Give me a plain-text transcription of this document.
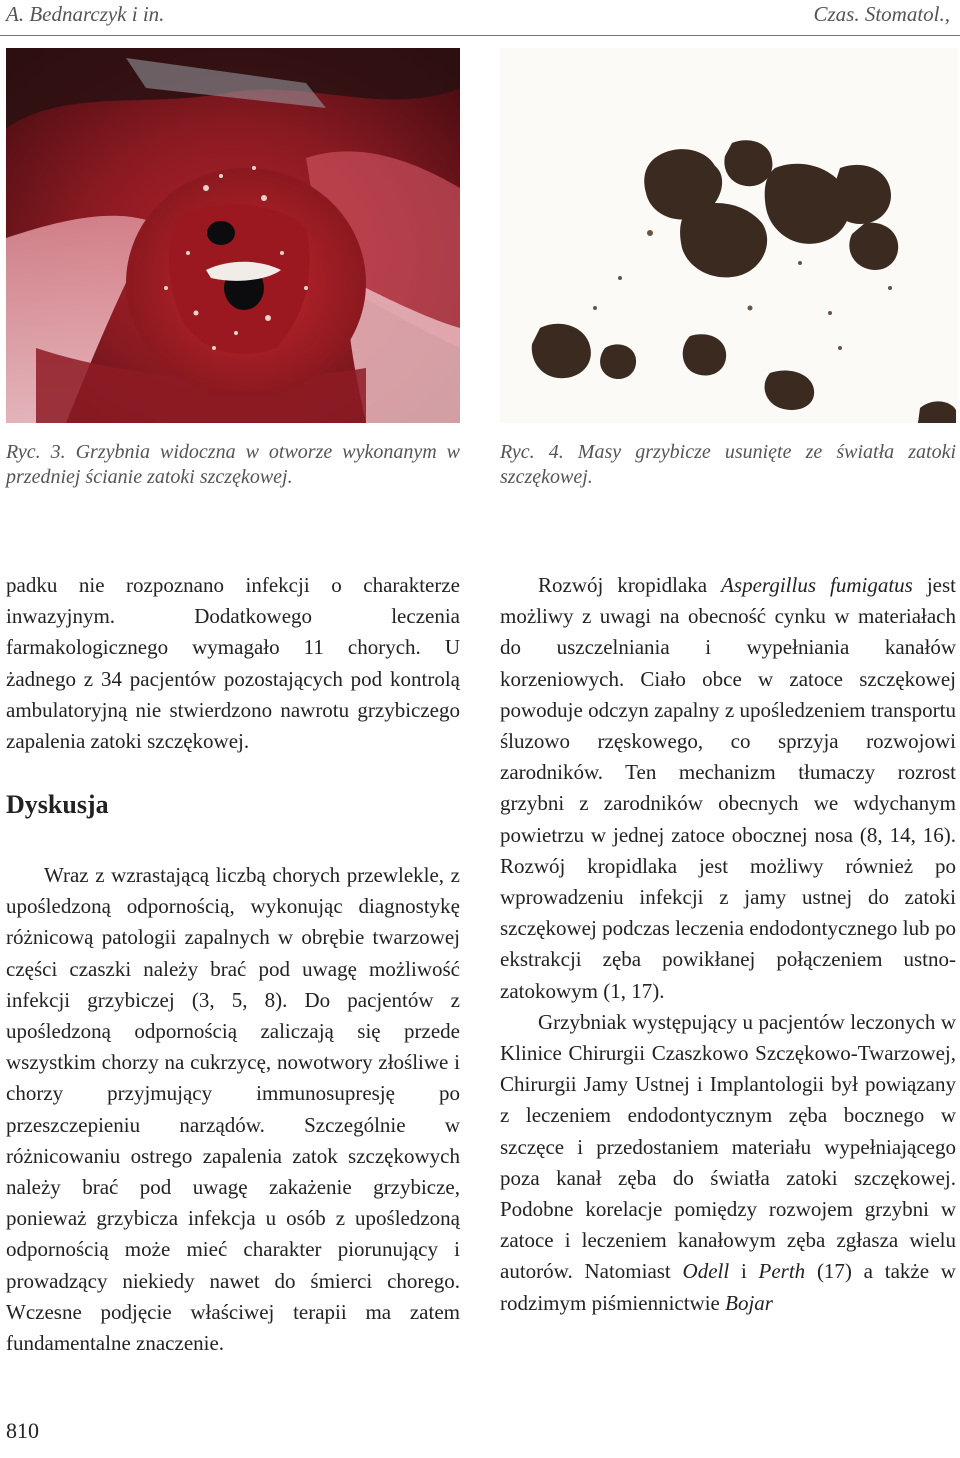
A. Bednarczyk i in.	Czas. Stomatol.,
Ryc. 3. Grzybnia widoczna w otworze wykonanym w przedniej ścianie zatoki szczękowej.
Ryc. 4. Masy grzybicze usunięte ze światła zatoki szczękowej.

padku nie rozpoznano infekcji o charakterze inwazyjnym. Dodatkowego leczenia farmakologicznego wymagało 11 chorych. U żadnego z 34 pacjentów pozostających pod kontrolą ambulatoryjną nie stwierdzono nawrotu grzybiczego zapalenia zatoki szczękowej.

Dyskusja

Wraz z wzrastającą liczbą chorych przewlekle, z upośledzoną odpornością, wykonując diagnostykę różnicową patologii zapalnych w obrębie twarzowej części czaszki należy brać pod uwagę możliwość infekcji grzybiczej (3, 5, 8). Do pacjentów z upośledzoną odpornością zaliczają się przede wszystkim chorzy na cukrzycę, nowotwory złośliwe i chorzy przyjmujący immunosupresję po przeszczepieniu narządów. Szczególnie w różnicowaniu ostrego zapalenia zatok szczękowych należy brać pod uwagę zakażenie grzybicze, ponieważ grzybicza infekcja u osób z upośledzoną odpornością może mieć charakter piorunujący i prowadzący niekiedy nawet do śmierci chorego. Wczesne podjęcie właściwej terapii ma zatem fundamentalne znaczenie.

Rozwój kropidlaka Aspergillus fumigatus jest możliwy z uwagi na obecność cynku w materiałach do uszczelniania i wypełniania kanałów korzeniowych. Ciało obce w zatoce szczękowej powoduje odczyn zapalny z upośledzeniem transportu śluzowo rzęskowego, co sprzyja rozwojowi zarodników. Ten mechanizm tłumaczy rozrost grzybni z zarodników obecnych we wdychanym powietrzu w jednej zatoce obocznej nosa (8, 14, 16). Rozwój kropidlaka jest możliwy również po wprowadzeniu infekcji z jamy ustnej do zatoki szczękowej podczas leczenia endodontycznego lub po ekstrakcji zęba powikłanej połączeniem ustno-zatokowym (1, 17).

Grzybniak występujący u pacjentów leczonych w Klinice Chirurgii Czaszkowo Szczękowo-Twarzowej, Chirurgii Jamy Ustnej i Implantologii był powiązany z leczeniem endodontycznym zęba bocznego w szczęce i przedostaniem materiału wypełniającego poza kanał zęba do światła zatoki szczękowej. Podobne korelacje pomiędzy rozwojem grzybni w zatoce i leczeniem kanałowym zęba zgłasza wielu autorów. Natomiast Odell i Perth (17) a także w rodzimym piśmiennictwie Bojar

810
